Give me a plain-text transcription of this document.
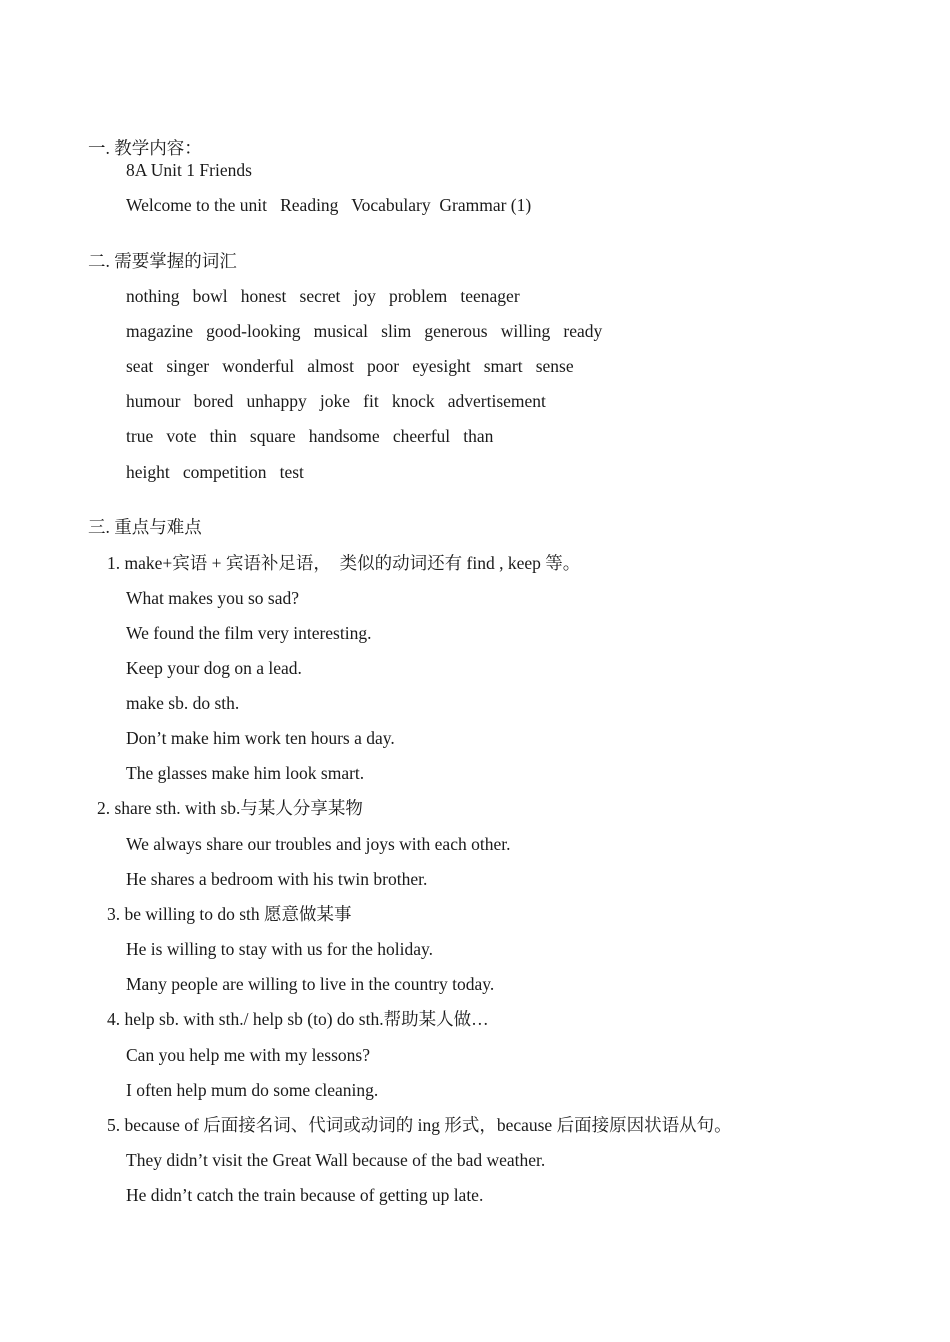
一. 教学内容：
8A Unit 1 Friends
Welcome to the unit   Reading   Vocabulary  Grammar (1)
二. 需要掌握的词汇
nothing   bowl   honest   secret   joy   problem   teenager
magazine   good-looking   musical   slim   generous   willing   ready
seat   singer   wonderful   almost   poor   eyesight   smart   sense
humour   bored   unhappy   joke   fit   knock   advertisement
true   vote   thin   square   handsome   cheerful   than
height   competition   test
三. 重点与难点
1. make+宾语 + 宾语补足语，  类似的动词还有 find , keep 等。
What makes you so sad?
We found the film very interesting.
Keep your dog on a lead.
make sb. do sth.
Don’t make him work ten hours a day.
The glasses make him look smart.
2. share sth. with sb.与某人分享某物
We always share our troubles and joys with each other.
He shares a bedroom with his twin brother.
3. be willing to do sth 愿意做某事
He is willing to stay with us for the holiday.
Many people are willing to live in the country today.
4. help sb. with sth./ help sb (to) do sth.帮助某人做…
Can you help me with my lessons?
I often help mum do some cleaning.
5. because of 后面接名词、代词或动词的 ing 形式，because 后面接原因状语从句。
They didn’t visit the Great Wall because of the bad weather.
He didn’t catch the train because of getting up late.
